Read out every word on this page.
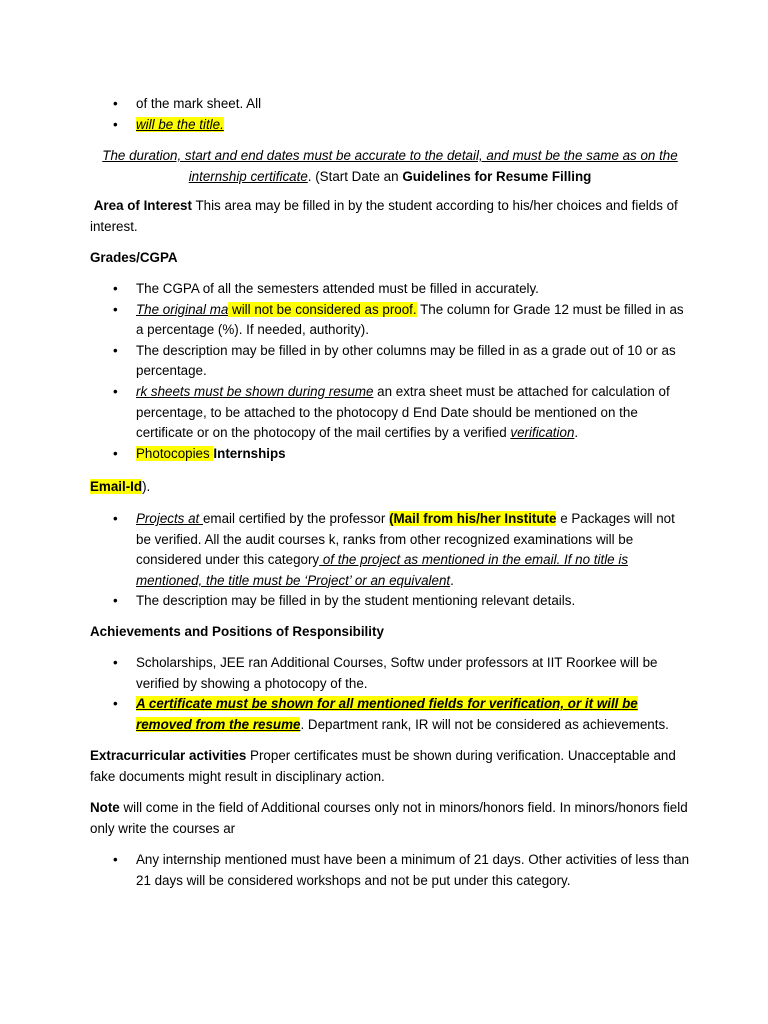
• of the mark sheet. All
• will be the title.

The duration, start and end dates must be accurate to the detail, and must be the same as on the internship certificate. (Start Date an Guidelines for Resume Filling

Area of Interest This area may be filled in by the student according to his/her choices and fields of interest.

Grades/CGPA

• The CGPA of all the semesters attended must be filled in accurately.
• The original ma will not be considered as proof. The column for Grade 12 must be filled in as a percentage (%). If needed, authority).
• The description may be filled in by other columns may be filled in as a grade out of 10 or as percentage.
• rk sheets must be shown during resume an extra sheet must be attached for calculation of percentage, to be attached to the photocopy d End Date should be mentioned on the certificate or on the photocopy of the mail certifies by a verified verification.
• Photocopies Internships

Email-Id).

• Projects at email certified by the professor (Mail from his/her Institute e Packages will not be verified. All the audit courses k, ranks from other recognized examinations will be considered under this category of the project as mentioned in the email. If no title is mentioned, the title must be ‘Project’ or an equivalent.
• The description may be filled in by the student mentioning relevant details.

Achievements and Positions of Responsibility

• Scholarships, JEE ran Additional Courses, Softw under professors at IIT Roorkee will be verified by showing a photocopy of the.
• A certificate must be shown for all mentioned fields for verification, or it will be removed from the resume. Department rank, IR will not be considered as achievements.

Extracurricular activities Proper certificates must be shown during verification. Unacceptable and fake documents might result in disciplinary action.

Note will come in the field of Additional courses only not in minors/honors field. In minors/honors field only write the courses ar

• Any internship mentioned must have been a minimum of 21 days. Other activities of less than 21 days will be considered workshops and not be put under this category.
